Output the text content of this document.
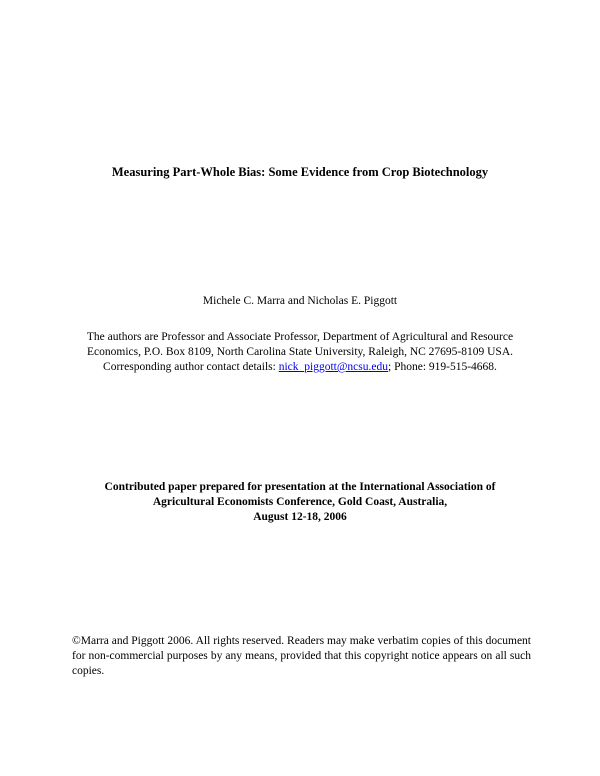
Measuring Part-Whole Bias: Some Evidence from Crop Biotechnology
Michele C. Marra and Nicholas E. Piggott
The authors are Professor and Associate Professor, Department of Agricultural and Resource
Economics, P.O. Box 8109, North Carolina State University, Raleigh, NC 27695-8109 USA.
Corresponding author contact details: nick_piggott@ncsu.edu; Phone: 919-515-4668.
Contributed paper prepared for presentation at the International Association of
Agricultural Economists Conference, Gold Coast, Australia,
August 12-18, 2006
©Marra and Piggott 2006. All rights reserved. Readers may make verbatim copies of this document for non-commercial purposes by any means, provided that this copyright notice appears on all such copies.
